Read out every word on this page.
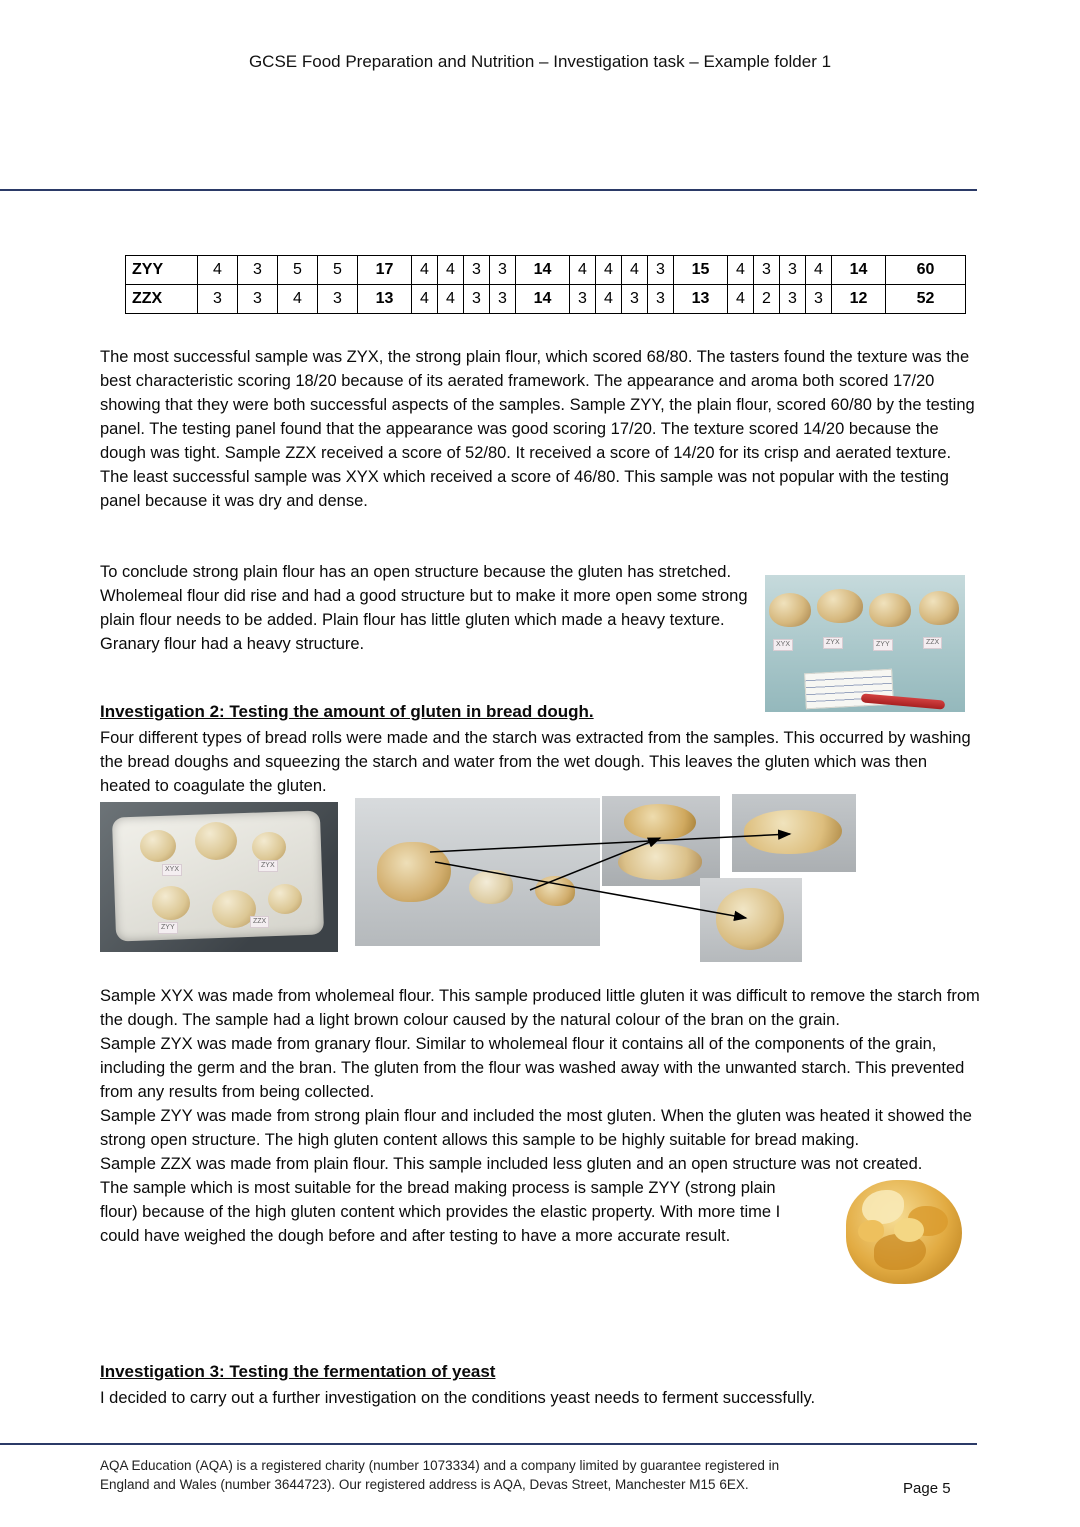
GCSE Food Preparation and Nutrition – Investigation task – Example folder 1
ZYY	4	3	5	5	17	4	4	3	3	14	4	4	4	3	15	4	3	3	4	14	60
ZZX	3	3	4	3	13	4	4	3	3	14	3	4	3	3	13	4	2	3	3	12	52
The most successful sample was ZYX, the strong plain flour, which scored 68/80. The tasters found the texture was the best characteristic scoring 18/20 because of its aerated framework. The appearance and aroma both scored 17/20 showing that they were both successful aspects of the samples. Sample ZYY, the plain flour, scored 60/80 by the testing panel. The testing panel found that the appearance was good scoring 17/20. The texture scored 14/20 because the dough was tight. Sample ZZX received a score of 52/80. It received a score of 14/20 for its crisp and aerated texture. The least successful sample was XYX which received a score of 46/80. This sample was not popular with the testing panel because it was dry and dense.
To conclude strong plain flour has an open structure because the gluten has stretched. Wholemeal flour did rise and had a good structure but to make it more open some strong plain flour needs to be added. Plain flour has little gluten which made a heavy texture. Granary flour had a heavy structure.	XYX	ZYX	ZYY	ZZX
Investigation 2: Testing the amount of gluten in bread dough.
Four different types of bread rolls were made and the starch was extracted from the samples. This occurred by washing the bread doughs and squeezing the starch and water from the wet dough. This leaves the gluten which was then heated to coagulate the gluten.
XYX
ZYX
ZYY
ZZX

Sample XYX was made from wholemeal flour. This sample produced little gluten it was difficult to remove the starch from the dough. The sample had a light brown colour caused by the natural colour of the bran on the grain.

Sample ZYX was made from granary flour. Similar to wholemeal flour it contains all of the components of the grain, including the germ and the bran. The gluten from the flour was washed away with the unwanted starch. This prevented from any results from being collected.

Sample ZYY was made from strong plain flour and included the most gluten. When the gluten was heated it showed the strong open structure. The high gluten content allows this sample to be highly suitable for bread making.

Sample ZZX was made from plain flour. This sample included less gluten and an open structure was not created.

The sample which is most suitable for the bread making process is sample ZYY (strong plain flour) because of the high gluten content which provides the elastic property. With more time I could have weighed the dough before and after testing to have a more accurate result.

Investigation 3: Testing the fermentation of yeast
I decided to carry out a further investigation on the conditions yeast needs to ferment successfully.
AQA Education (AQA) is a registered charity (number 1073334) and a company limited by guarantee registered in
England and Wales (number 3644723). Our registered address is AQA, Devas Street, Manchester M15 6EX.	Page 5
